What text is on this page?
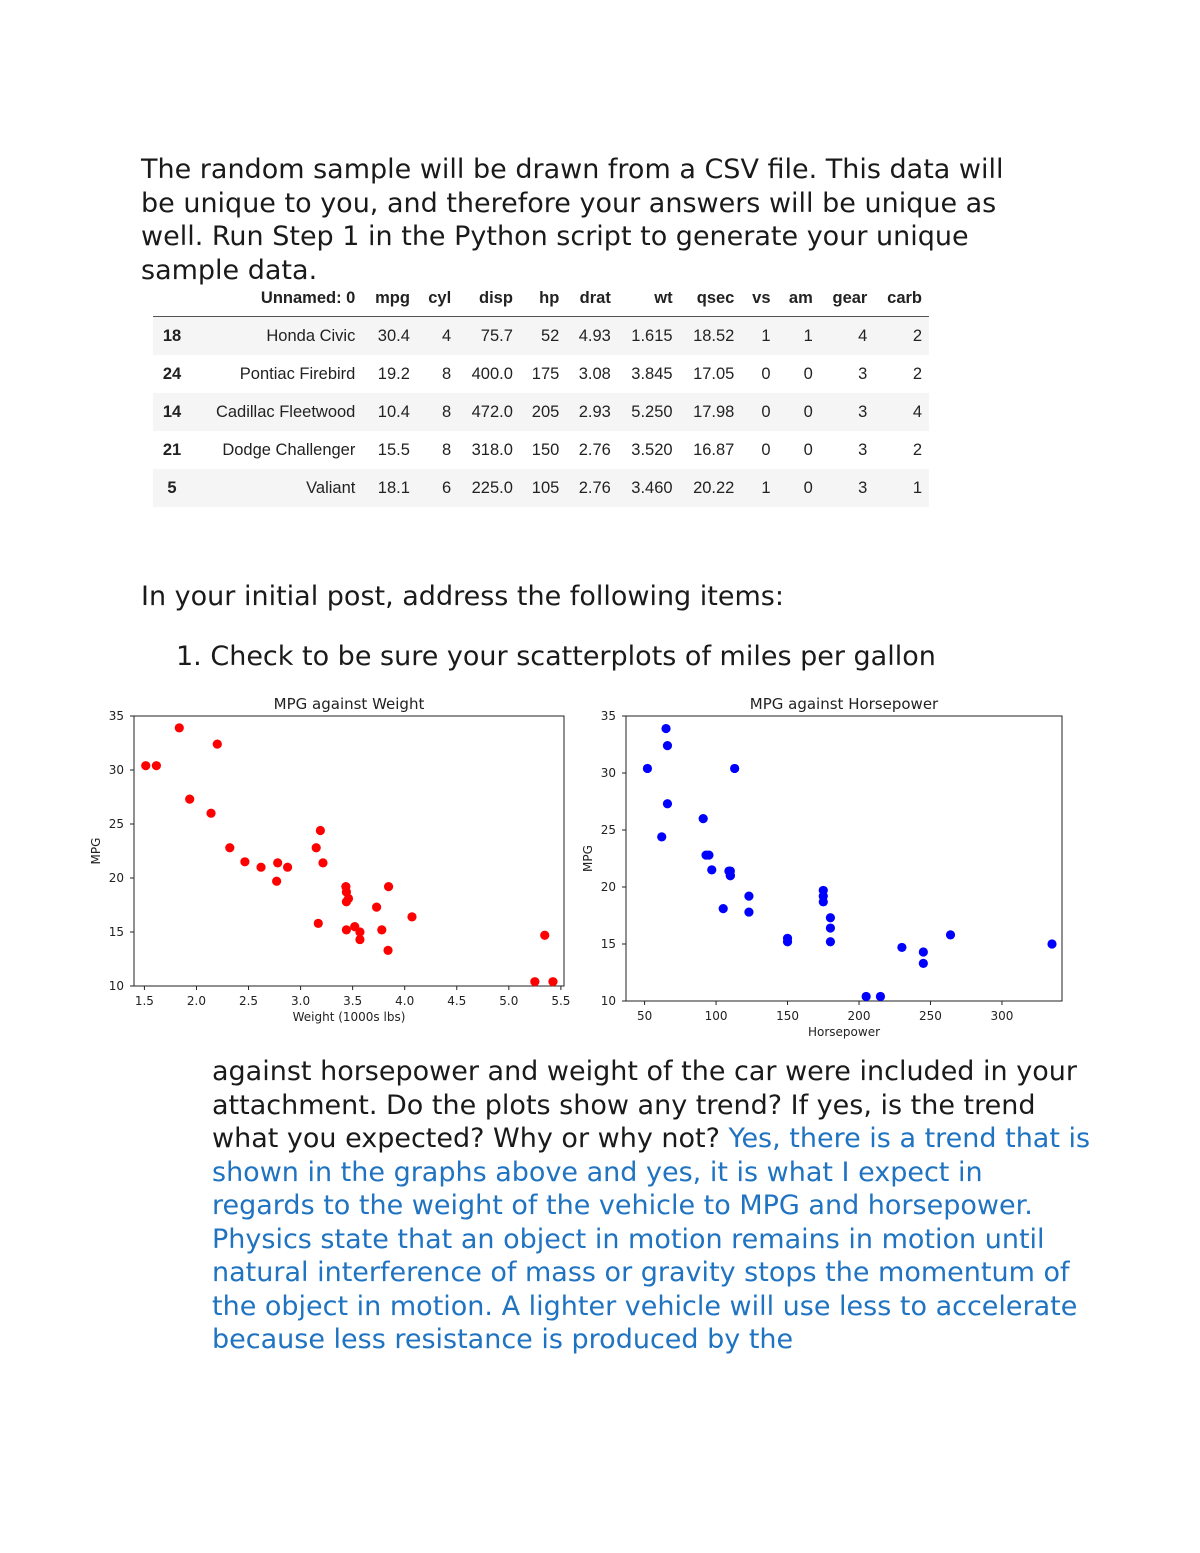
The random sample will be drawn from a CSV file. This data will be unique to you, and therefore your answers will be unique as well. Run Step 1 in the Python script to generate your unique sample data.

	Unnamed: 0	mpg	cyl	disp	hp	drat	wt	qsec	vs	am	gear	carb
18	Honda Civic	30.4	4	75.7	52	4.93	1.615	18.52	1	1	4	2
24	Pontiac Firebird	19.2	8	400.0	175	3.08	3.845	17.05	0	0	3	2
14	Cadillac Fleetwood	10.4	8	472.0	205	2.93	5.250	17.98	0	0	3	4
21	Dodge Challenger	15.5	8	318.0	150	2.76	3.520	16.87	0	0	3	2
5	Valiant	18.1	6	225.0	105	2.76	3.460	20.22	1	0	3	1

In your initial post, address the following items:

1. Check to be sure your scatterplots of miles per gallon

MPG against Weight
1.5	2.0	2.5	3.0	3.5	4.0	4.5	5.0	5.5
10
15
20
25
30
35
Weight (1000s lbs)
MPG
MPG against Horsepower
50	100	150	200	250	300
10
15
20
25
30
35
Horsepower
MPG

against horsepower and weight of the car were included in your attachment. Do the plots show any trend? If yes, is the trend what you expected? Why or why not? Yes, there is a trend that is shown in the graphs above and yes, it is what I expect in regards to the weight of the vehicle to MPG and horsepower. Physics state that an object in motion remains in motion until natural interference of mass or gravity stops the momentum of the object in motion. A lighter vehicle will use less to accelerate because less resistance is produced by the
